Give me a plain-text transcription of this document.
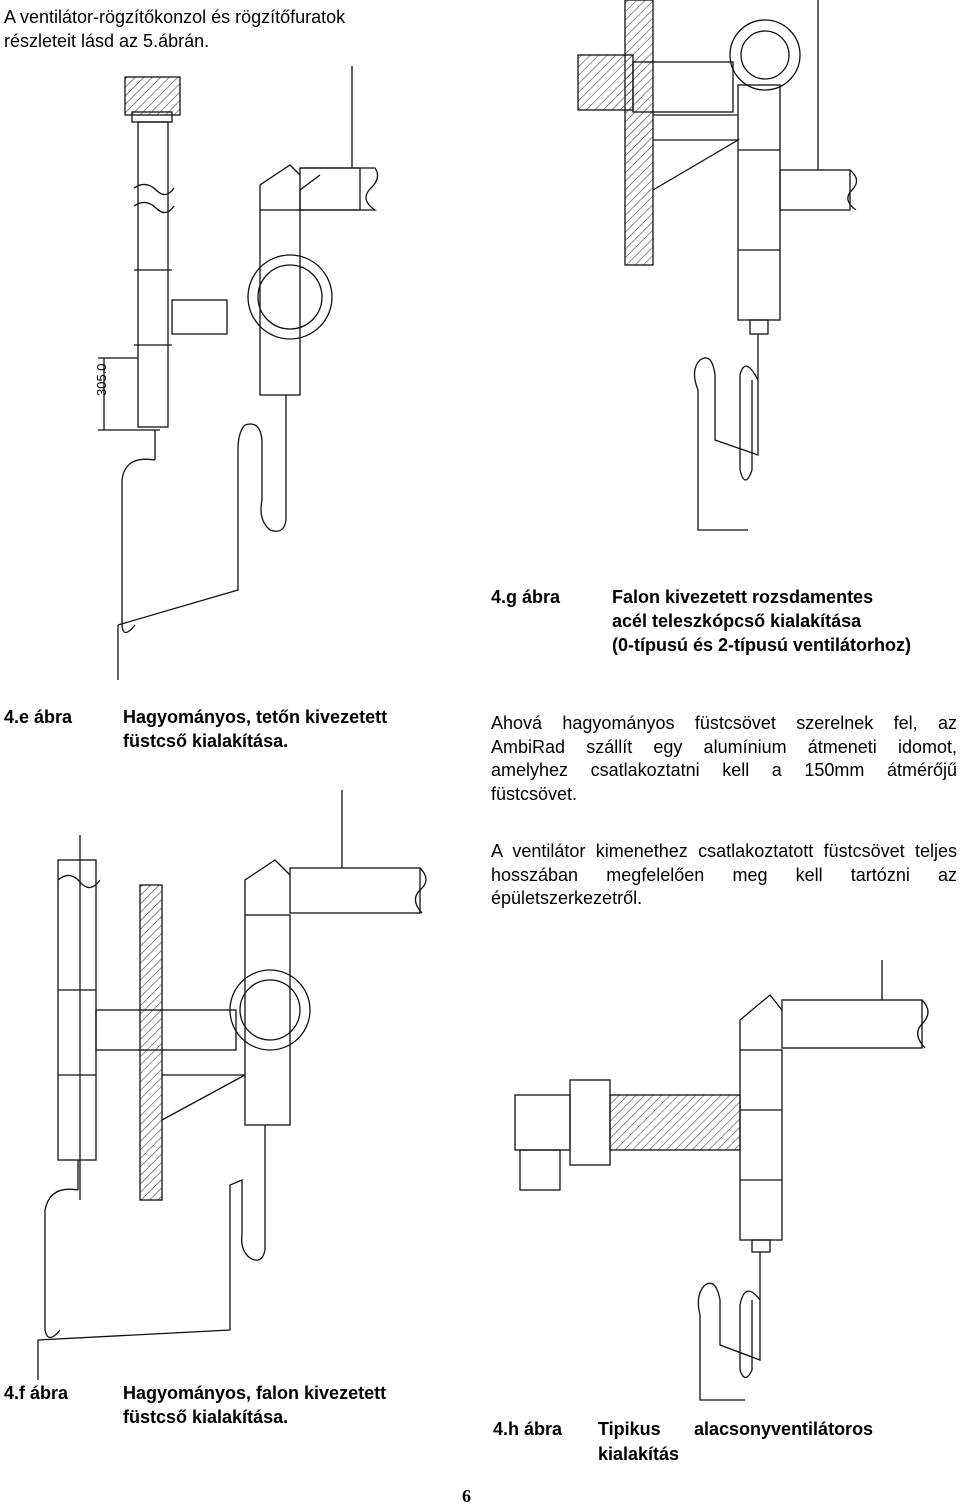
305.0
A ventilátor-rögzítőkonzol és rögzítőfuratok
részleteit lásd az 5.ábrán.
4.g ábra	Falon kivezetett rozsdamentes
acél teleszkópcső kialakítása
(0-típusú és 2-típusú ventilátorhoz)
4.e ábra	Hagyományos, tetőn kivezetett
füstcső kialakítása.
Ahová hagyományos füstcsövet szerelnek fel, az AmbiRad szállít egy alumínium átmeneti idomot, amelyhez csatlakoztatni kell a 150mm átmérőjű füstcsövet.
A ventilátor kimenethez csatlakoztatott füstcsövet teljes hosszában megfelelően meg kell tartózni az épületszerkezetről.
4.f ábra	Hagyományos, falon kivezetett
füstcső kialakítása.
4.h ábra Tipikus alacsonyventilátoros
kialakítás
6
